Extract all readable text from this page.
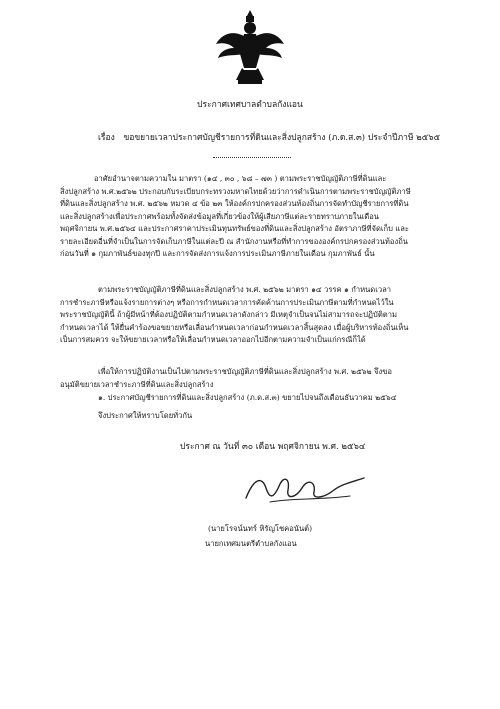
ประกาศเทศบาลตำบลกังแอน
เรื่อง ขอขยายเวลาประกาศบัญชีรายการที่ดินและสิ่งปลูกสร้าง (ภ.ด.ส.๓) ประจำปีภาษี ๒๕๖๕
อาศัยอำนาจตามความใน มาตรา (๑๔ , ๓๐ , ๖๘ – ๗๓ ) ตามพระราชบัญญัติภาษีที่ดินและ
สิ่งปลูกสร้าง พ.ศ.๒๕๖๒ ประกอบกับระเบียบกระทรวงมหาดไทยด้วยว่าการดำเนินการตามพระราชบัญญัติภาษี
ที่ดินและสิ่งปลูกสร้าง พ.ศ. ๒๕๖๒ หมวด ๔ ข้อ ๒๓ ให้องค์กรปกครองส่วนท้องถิ่นการจัดทำบัญชีรายการที่ดิน
และสิ่งปลูกสร้างเพื่อประกาศพร้อมทั้งจัดส่งข้อมูลที่เกี่ยวข้องให้ผู้เสียภาษีแต่ละรายทราบภายในเดือน
พฤศจิกายน พ.ศ.๒๕๖๔ และประกาศราคาประเมินทุนทรัพย์ของที่ดินและสิ่งปลูกสร้าง อัตราภาษีที่จัดเก็บ และ
รายละเอียดอื่นที่จำเป็นในการจัดเก็บภาษีในแต่ละปี ณ สำนักงานหรือที่ทำการขององค์กรปกครองส่วนท้องถิ่น
ก่อนวันที่ ๑ กุมภาพันธ์ของทุกปี และการจัดส่งการแจ้งการประเมินภาษีภายในเดือน กุมภาพันธ์ นั้น
ตามพระราชบัญญัติภาษีที่ดินและสิ่งปลูกสร้าง พ.ศ. ๒๕๖๒ มาตรา ๑๔ วรรค ๑ กำหนดเวลา
การชำระภาษีหรือแจ้งรายการต่างๆ หรือการกำหนดเวลาการคัดค้านการประเมินภาษีตามที่กำหนดไว้ใน
พระราชบัญญัตินี้ ถ้าผู้มีหน้าที่ต้องปฏิบัติตามกำหนดเวลาดังกล่าว มีเหตุจำเป็นจนไม่สามารถจะปฏิบัติตาม
กำหนดเวลาได้ ให้ยื่นคำร้องขอขยายหรือเลื่อนกำหนดเวลาก่อนกำหนดเวลาสิ้นสุดลง เมื่อผู้บริหารท้องถิ่นเห็น
เป็นการสมควร จะให้ขยายเวลาหรือให้เลื่อนกำหนดเวลาออกไปอีกตามความจำเป็นแก่กรณีก็ได้
เพื่อให้การปฏิบัติงานเป็นไปตามพระราชบัญญัติภาษีที่ดินและสิ่งปลูกสร้าง พ.ศ. ๒๕๖๒ จึงขอ
อนุมัติขยายเวลาชำระภาษีที่ดินและสิ่งปลูกสร้าง
๑. ประกาศบัญชีรายการที่ดินและสิ่งปลูกสร้าง (ภ.ด.ส.๓) ขยายไปจนถึงเดือนธันวาคม ๒๕๖๔
จึงประกาศให้ทราบโดยทั่วกัน
ประกาศ ณ วันที่ ๓๐ เดือน พฤศจิกายน พ.ศ. ๒๕๖๔
(นายโรจน์นทร์ หิรัญโชคอนันต์)
นายกเทศมนตรีตำบลกังแอน
